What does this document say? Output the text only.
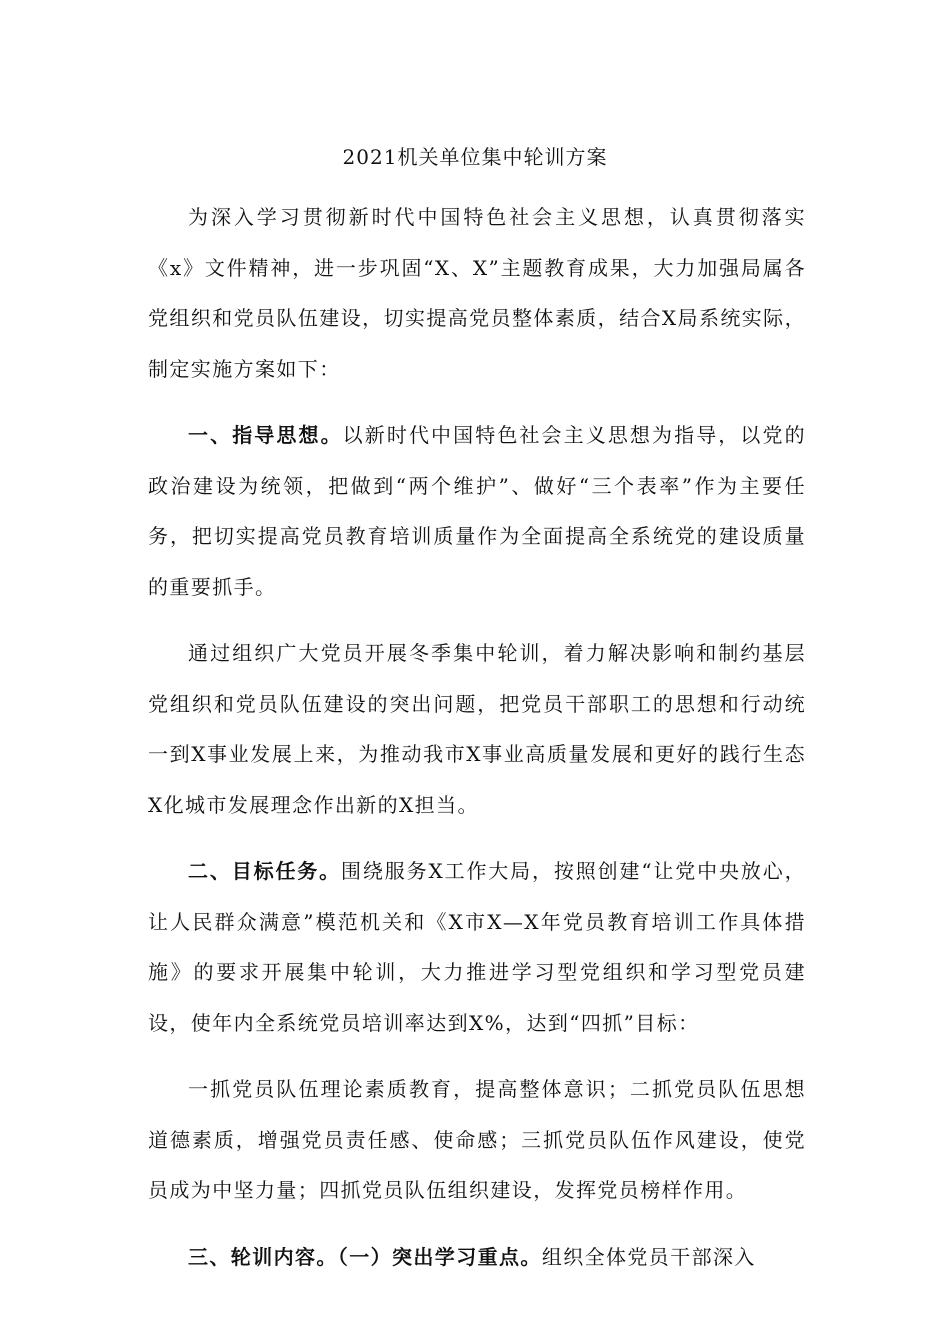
2021机关单位集中轮训方案

为深入学习贯彻新时代中国特色社会主义思想，认真贯彻落实《x》文件精神，进一步巩固“X、X”主题教育成果，大力加强局属各党组织和党员队伍建设，切实提高党员整体素质，结合X局系统实际，制定实施方案如下：

一、指导思想。以新时代中国特色社会主义思想为指导，以党的政治建设为统领，把做到“两个维护”、做好“三个表率”作为主要任务，把切实提高党员教育培训质量作为全面提高全系统党的建设质量的重要抓手。

通过组织广大党员开展冬季集中轮训，着力解决影响和制约基层党组织和党员队伍建设的突出问题，把党员干部职工的思想和行动统一到X事业发展上来，为推动我市X事业高质量发展和更好的践行生态X化城市发展理念作出新的X担当。

二、目标任务。围绕服务X工作大局，按照创建“让党中央放心，让人民群众满意”模范机关和《X市X—X年党员教育培训工作具体措施》的要求开展集中轮训，大力推进学习型党组织和学习型党员建设，使年内全系统党员培训率达到X%，达到“四抓”目标：

一抓党员队伍理论素质教育，提高整体意识；二抓党员队伍思想道德素质，增强党员责任感、使命感；三抓党员队伍作风建设，使党员成为中坚力量；四抓党员队伍组织建设，发挥党员榜样作用。

三、轮训内容。（一）突出学习重点。组织全体党员干部深入
